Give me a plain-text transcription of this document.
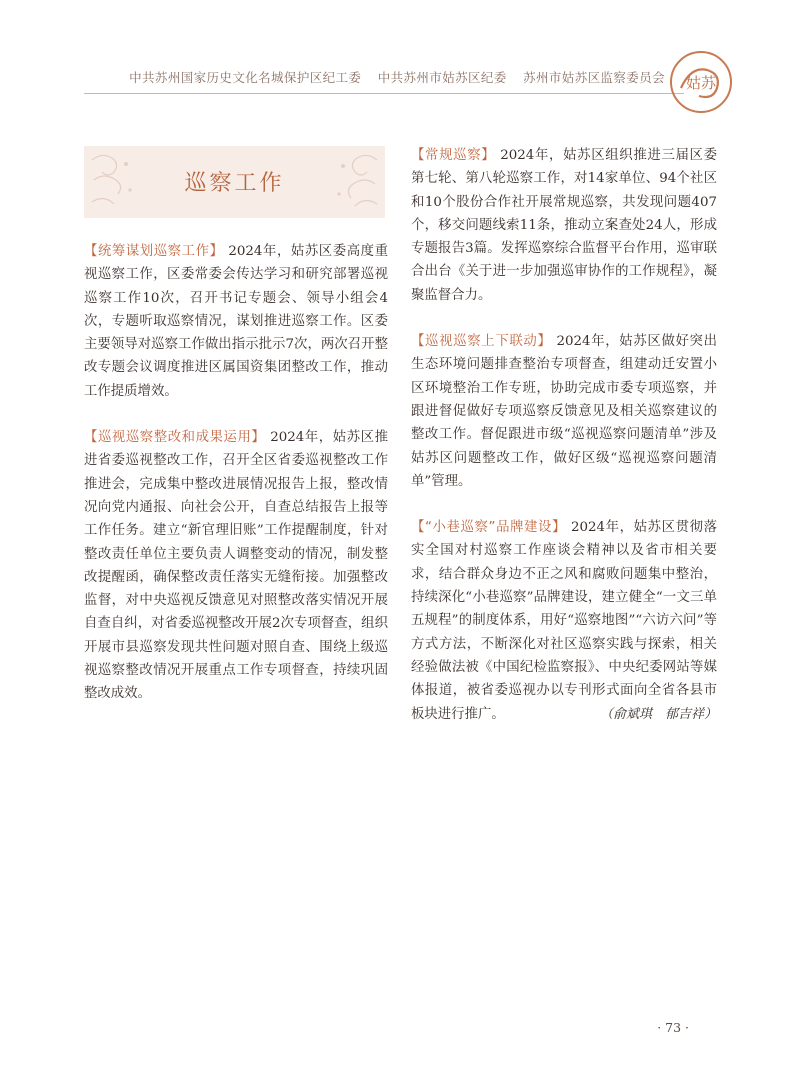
中共苏州国家历史文化名城保护区纪工委 中共苏州市姑苏区纪委 苏州市姑苏区监察委员会 姑苏
巡察工作

【统筹谋划巡察工作】 2024年，姑苏区委高度重视巡察工作，区委常委会传达学习和研究部署巡视巡察工作10次，召开书记专题会、领导小组会4次，专题听取巡察情况，谋划推进巡察工作。区委主要领导对巡察工作做出指示批示7次，两次召开整改专题会议调度推进区属国资集团整改工作，推动工作提质增效。

【巡视巡察整改和成果运用】 2024年，姑苏区推进省委巡视整改工作，召开全区省委巡视整改工作推进会，完成集中整改进展情况报告上报，整改情况向党内通报、向社会公开，自查总结报告上报等工作任务。建立“新官理旧账”工作提醒制度，针对整改责任单位主要负责人调整变动的情况，制发整改提醒函，确保整改责任落实无缝衔接。加强整改监督，对中央巡视反馈意见对照整改落实情况开展自查自纠，对省委巡视整改开展2次专项督查，组织开展市县巡察发现共性问题对照自查、围绕上级巡视巡察整改情况开展重点工作专项督查，持续巩固整改成效。

【常规巡察】 2024年，姑苏区组织推进三届区委第七轮、第八轮巡察工作，对14家单位、94个社区和10个股份合作社开展常规巡察，共发现问题407个，移交问题线索11条，推动立案查处24人，形成专题报告3篇。发挥巡察综合监督平台作用，巡审联合出台《关于进一步加强巡审协作的工作规程》，凝聚监督合力。

【巡视巡察上下联动】 2024年，姑苏区做好突出生态环境问题排查整治专项督查，组建动迁安置小区环境整治工作专班，协助完成市委专项巡察，并跟进督促做好专项巡察反馈意见及相关巡察建议的整改工作。督促跟进市级“巡视巡察问题清单”涉及姑苏区问题整改工作，做好区级“巡视巡察问题清单”管理。

【“小巷巡察”品牌建设】 2024年，姑苏区贯彻落实全国对村巡察工作座谈会精神以及省市相关要求，结合群众身边不正之风和腐败问题集中整治，持续深化“小巷巡察”品牌建设，建立健全“一文三单五规程”的制度体系，用好“巡察地图”“六访六问”等方式方法，不断深化对社区巡察实践与探索，相关经验做法被《中国纪检监察报》、中央纪委网站等媒体报道，被省委巡视办以专刊形式面向全省各县市板块进行推广。	（俞斌琪　郁吉祥）

· 73 ·
